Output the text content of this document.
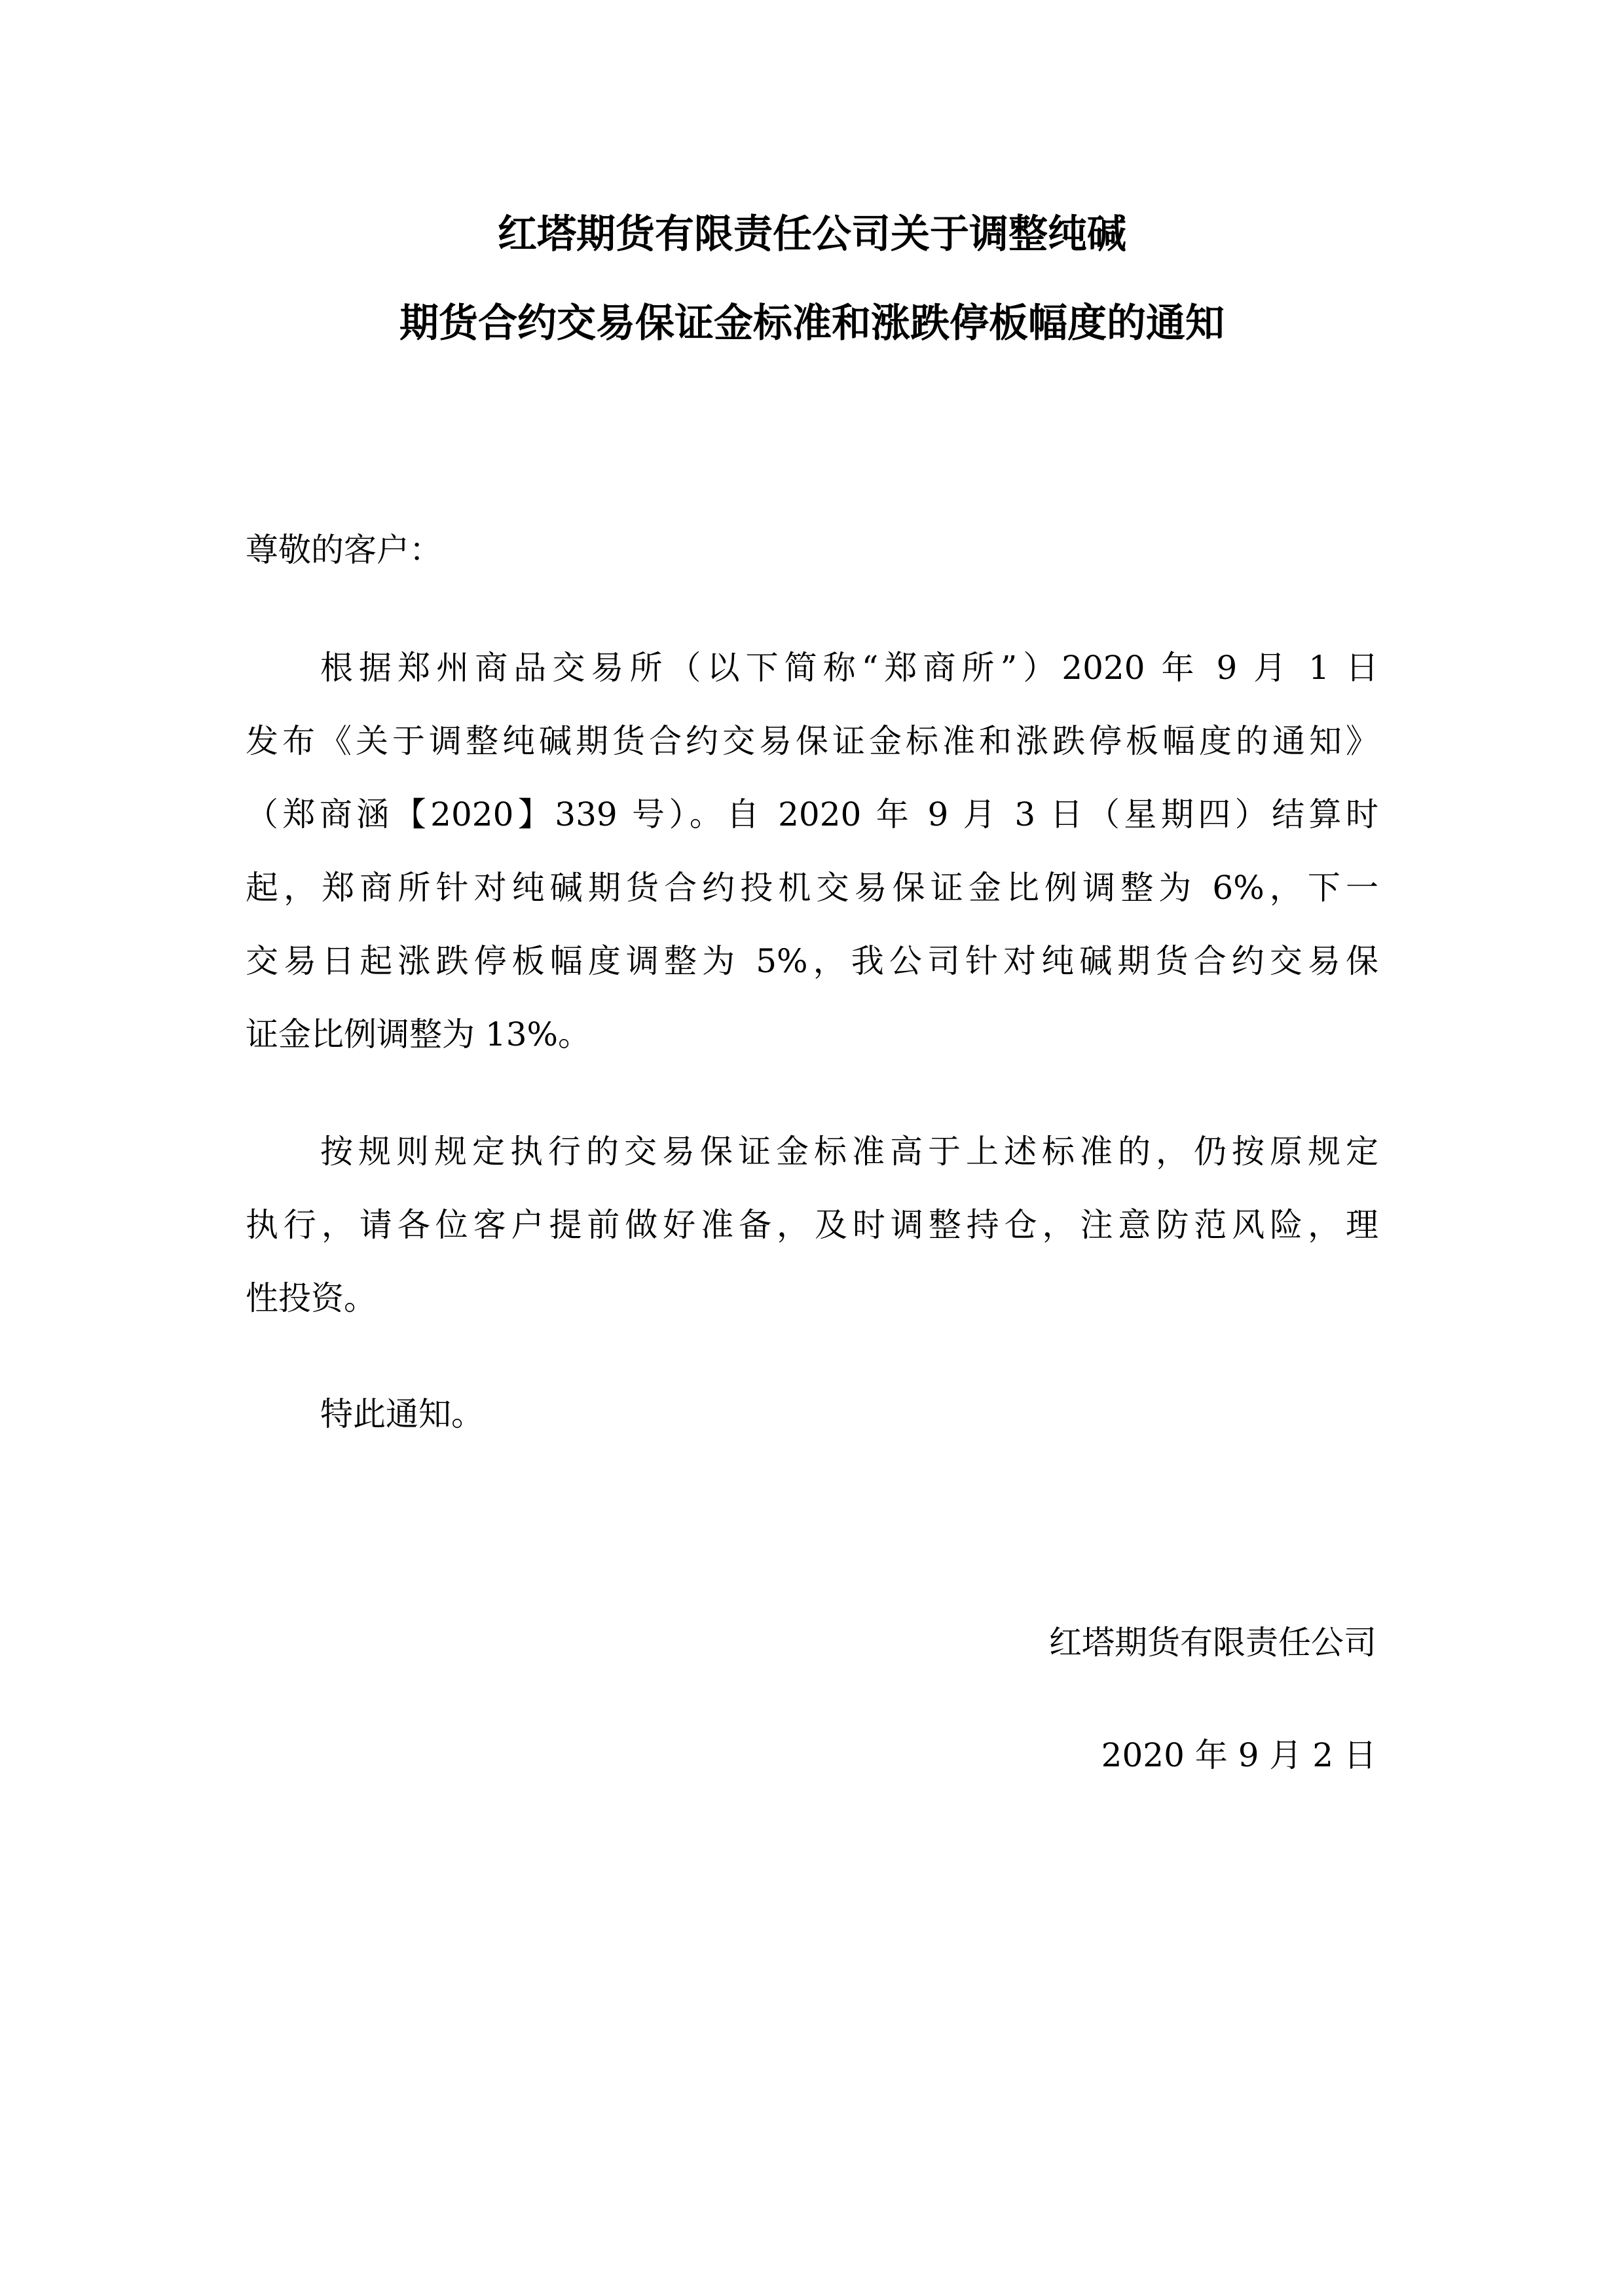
红塔期货有限责任公司关于调整纯碱
期货合约交易保证金标准和涨跌停板幅度的通知

尊敬的客户：

根据郑州商品交易所（以下简称“郑商所”）2020 年 9 月 1 日
发布《关于调整纯碱期货合约交易保证金标准和涨跌停板幅度的通知》
（郑商涵【2020】339 号）。自 2020 年 9 月 3 日（星期四）结算时
起，郑商所针对纯碱期货合约投机交易保证金比例调整为 6%，下一
交易日起涨跌停板幅度调整为 5%，我公司针对纯碱期货合约交易保
证金比例调整为 13%。
按规则规定执行的交易保证金标准高于上述标准的，仍按原规定
执行，请各位客户提前做好准备，及时调整持仓，注意防范风险，理
性投资。

特此通知。

红塔期货有限责任公司

2020 年 9 月 2 日
